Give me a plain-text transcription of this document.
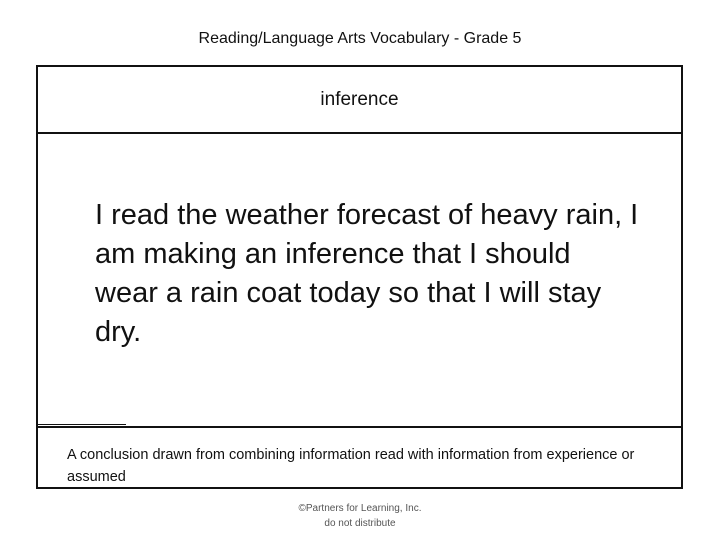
Reading/Language Arts Vocabulary - Grade 5
inference
I read the weather forecast of heavy rain, I am making an inference that I should wear a rain coat today so that I will stay dry.
A conclusion drawn from combining information read with information from experience or assumed
©Partners for Learning, Inc.
do not distribute
